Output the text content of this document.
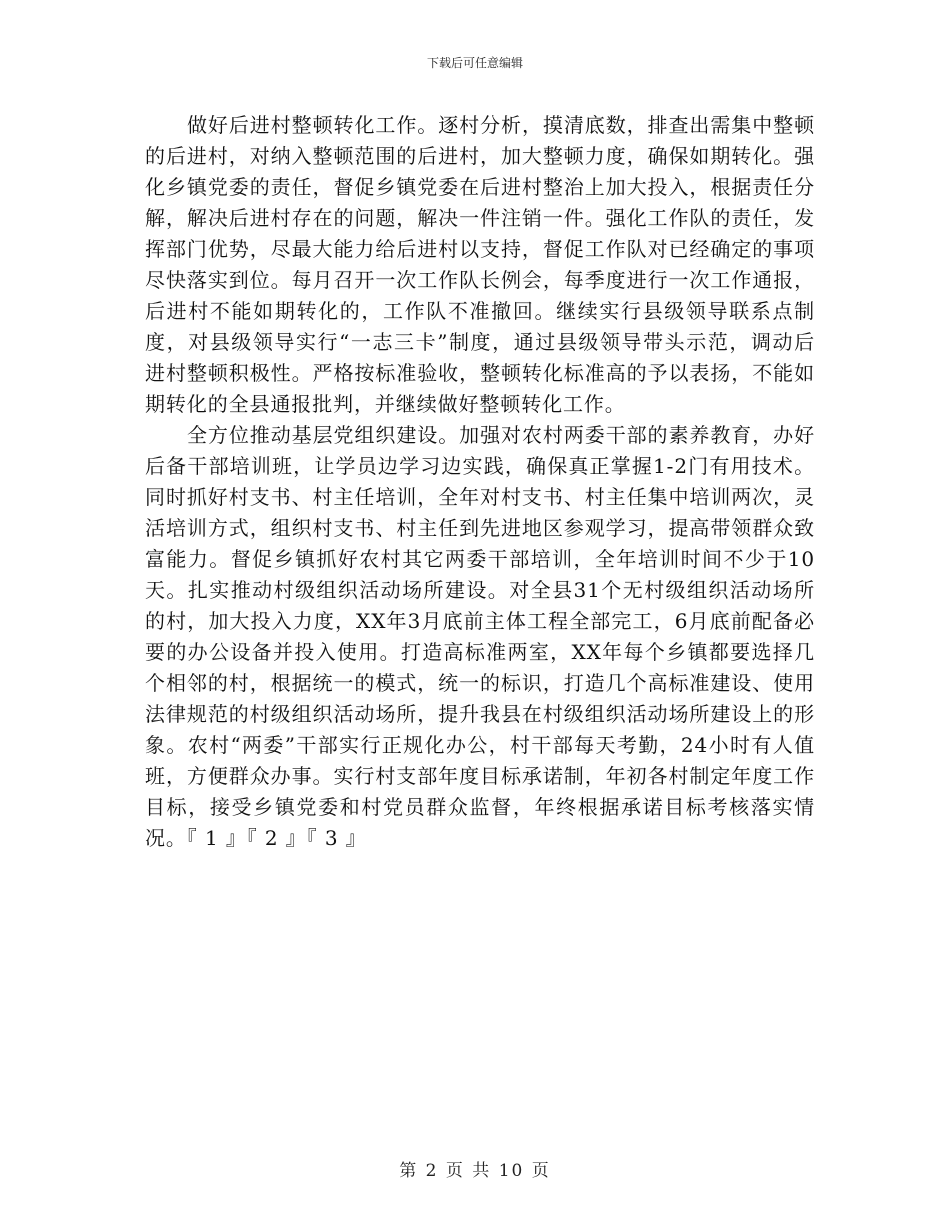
下载后可任意编辑

做好后进村整顿转化工作。逐村分析，摸清底数，排查出需集中整顿的后进村，对纳入整顿范围的后进村，加大整顿力度，确保如期转化。强化乡镇党委的责任，督促乡镇党委在后进村整治上加大投入，根据责任分解，解决后进村存在的问题，解决一件注销一件。强化工作队的责任，发挥部门优势，尽最大能力给后进村以支持，督促工作队对已经确定的事项尽快落实到位。每月召开一次工作队长例会，每季度进行一次工作通报，后进村不能如期转化的，工作队不准撤回。继续实行县级领导联系点制度，对县级领导实行“一志三卡”制度，通过县级领导带头示范，调动后进村整顿积极性。严格按标准验收，整顿转化标准高的予以表扬，不能如期转化的全县通报批判，并继续做好整顿转化工作。

全方位推动基层党组织建设。加强对农村两委干部的素养教育，办好后备干部培训班，让学员边学习边实践，确保真正掌握1-2门有用技术。同时抓好村支书、村主任培训，全年对村支书、村主任集中培训两次，灵活培训方式，组织村支书、村主任到先进地区参观学习，提高带领群众致富能力。督促乡镇抓好农村其它两委干部培训，全年培训时间不少于10天。扎实推动村级组织活动场所建设。对全县31个无村级组织活动场所的村，加大投入力度，XX年3月底前主体工程全部完工，6月底前配备必要的办公设备并投入使用。打造高标准两室，XX年每个乡镇都要选择几个相邻的村，根据统一的模式，统一的标识，打造几个高标准建设、使用法律规范的村级组织活动场所，提升我县在村级组织活动场所建设上的形象。农村“两委”干部实行正规化办公，村干部每天考勤，24小时有人值班，方便群众办事。实行村支部年度目标承诺制，年初各村制定年度工作目标，接受乡镇党委和村党员群众监督，年终根据承诺目标考核落实情况。『 1 』『 2 』『 3 』

第 2 页 共 10 页
